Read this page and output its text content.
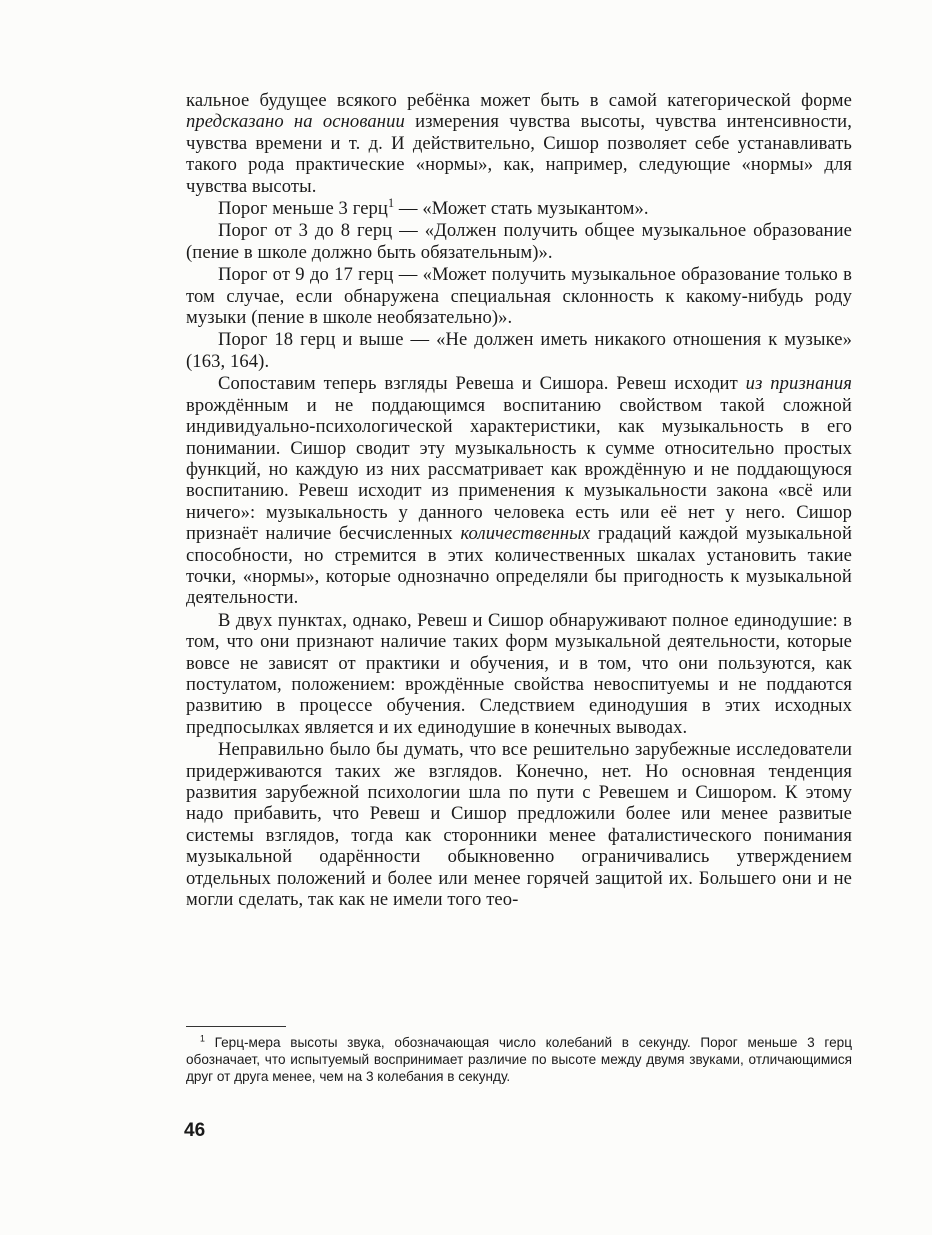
кальное будущее всякого ребёнка может быть в самой категорической форме предсказано на основании измерения чувства высоты, чувства интенсивности, чувства времени и т. д. И действительно, Сишор позволяет себе устанавливать такого рода практические «нормы», как, например, следующие «нормы» для чувства высоты.

Порог меньше 3 герц$^1$ — «Может стать музыкантом».

Порог от 3 до 8 герц — «Должен получить общее музыкальное образование (пение в школе должно быть обязательным)».

Порог от 9 до 17 герц — «Может получить музыкальное образование только в том случае, если обнаружена специальная склонность к какому-нибудь роду музыки (пение в школе необязательно)».

Порог 18 герц и выше — «Не должен иметь никакого отношения к музыке» (163, 164).

Сопоставим теперь взгляды Ревеша и Сишора. Ревеш исходит из признания врождённым и не поддающимся воспитанию свойством такой сложной индивидуально-психологической характеристики, как музыкальность в его понимании. Сишор сводит эту музыкальность к сумме относительно простых функций, но каждую из них рассматривает как врождённую и не поддающуюся воспитанию. Ревеш исходит из применения к музыкальности закона «всё или ничего»: музыкальность у данного человека есть или её нет у него. Сишор признаёт наличие бесчисленных количественных градаций каждой музыкальной способности, но стремится в этих количественных шкалах установить такие точки, «нормы», которые однозначно определяли бы пригодность к музыкальной деятельности.

В двух пунктах, однако, Ревеш и Сишор обнаруживают полное единодушие: в том, что они признают наличие таких форм музыкальной деятельности, которые вовсе не зависят от практики и обучения, и в том, что они пользуются, как постулатом, положением: врождённые свойства невоспитуемы и не поддаются развитию в процессе обучения. Следствием единодушия в этих исходных предпосылках является и их единодушие в конечных выводах.

Неправильно было бы думать, что все решительно зарубежные исследователи придерживаются таких же взглядов. Конечно, нет. Но основная тенденция развития зарубежной психологии шла по пути с Ревешем и Сишором. К этому надо прибавить, что Ревеш и Сишор предложили более или менее развитые системы взглядов, тогда как сторонники менее фаталистического понимания музыкальной одарённости обыкновенно ограничивались утверждением отдельных положений и более или менее горячей защитой их. Большего они и не могли сделать, так как не имели того тео-

$^1$ Герц-мера высоты звука, обозначающая число колебаний в секунду. Порог меньше 3 герц обозначает, что испытуемый воспринимает различие по высоте между двумя звуками, отличающимися друг от друга менее, чем на 3 колебания в секунду.

46
